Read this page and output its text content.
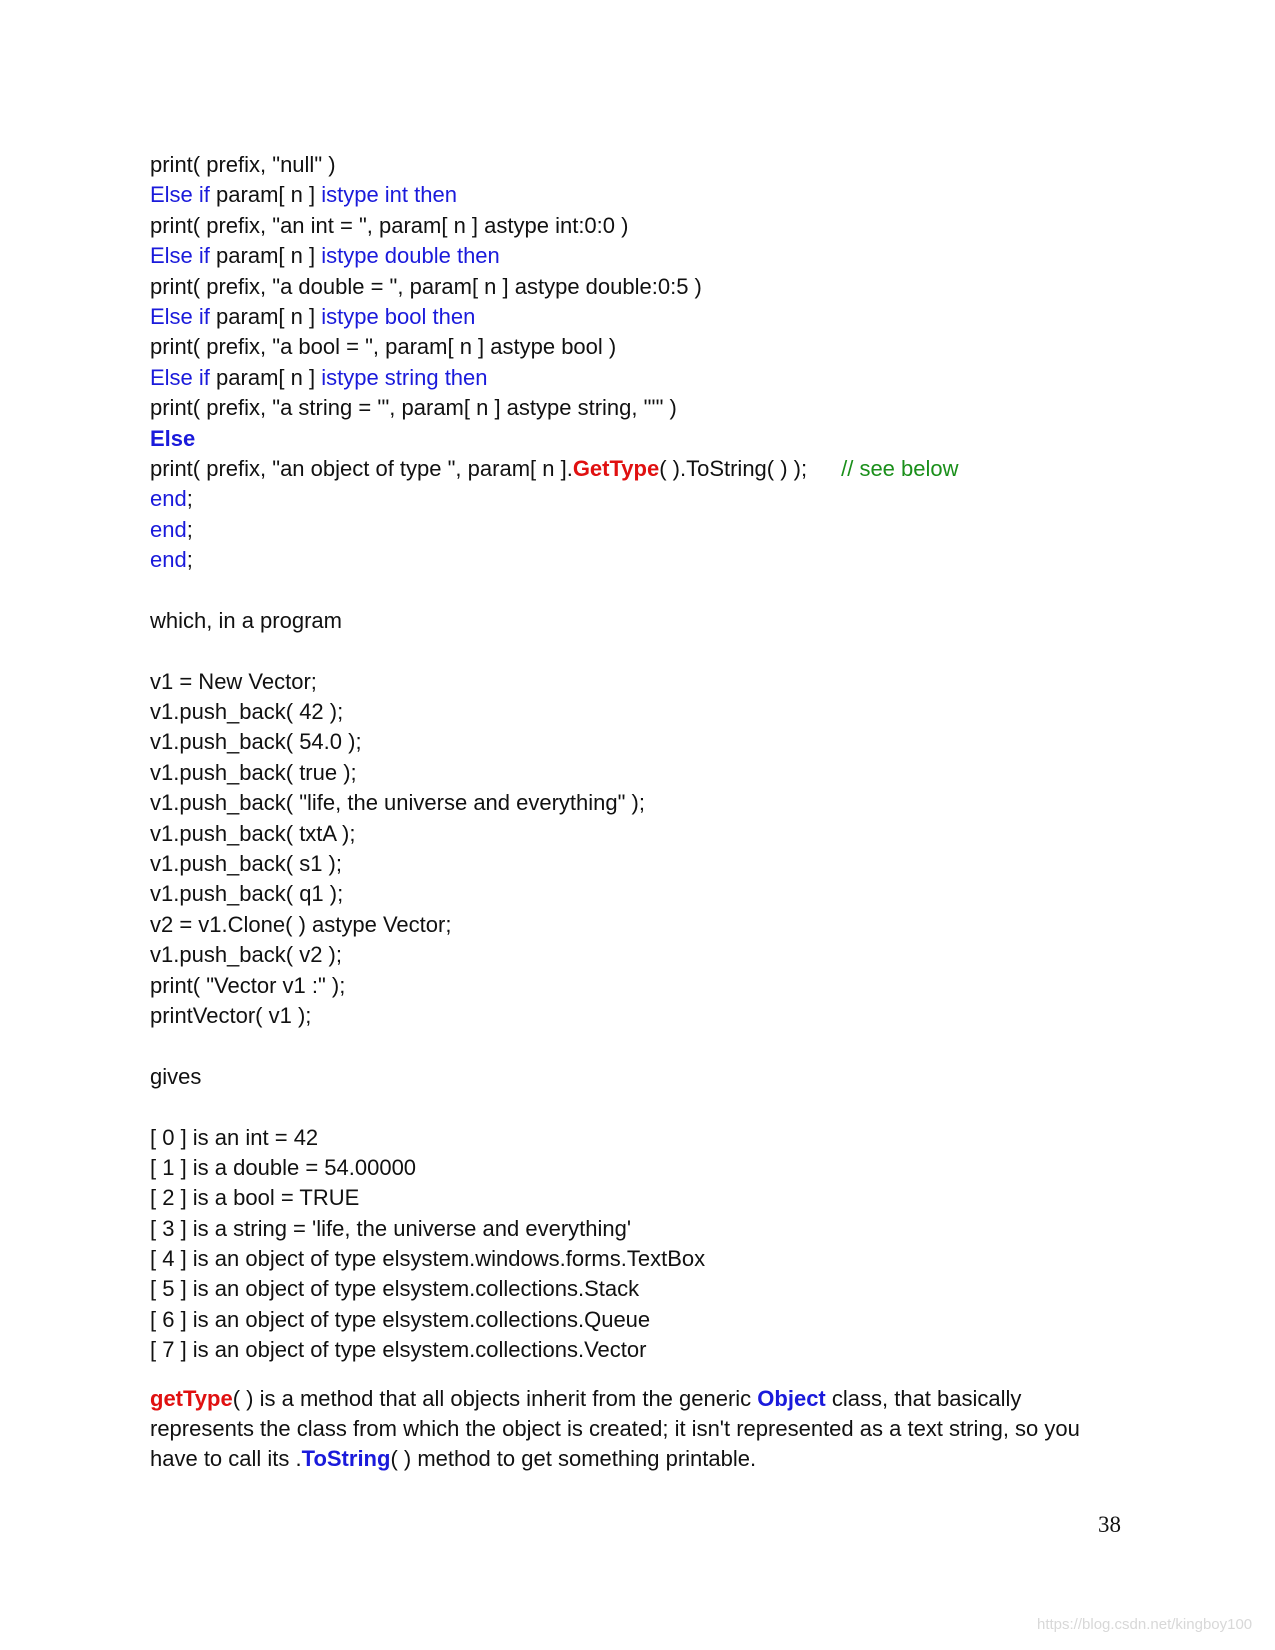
print( prefix, "null" )
Else if param[ n ] istype int then
print( prefix, "an int = ", param[ n ] astype int:0:0 )
Else if param[ n ] istype double then
print( prefix, "a double = ", param[ n ] astype double:0:5 )
Else if param[ n ] istype bool then
print( prefix, "a bool = ", param[ n ] astype bool )
Else if param[ n ] istype string then
print( prefix, "a string = '", param[ n ] astype string, "'" )
Else
print( prefix, "an object of type ", param[ n ].GetType( ).ToString( ) ); // see below
end;
end;
end;
which, in a program
v1 = New Vector;
v1.push_back( 42 );
v1.push_back( 54.0 );
v1.push_back( true );
v1.push_back( "life, the universe and everything" );
v1.push_back( txtA );
v1.push_back( s1 );
v1.push_back( q1 );
v2 = v1.Clone( ) astype Vector;
v1.push_back( v2 );
print( "Vector v1 :" );
printVector( v1 );
gives
[ 0 ] is an int = 42
[ 1 ] is a double = 54.00000
[ 2 ] is a bool = TRUE
[ 3 ] is a string = 'life, the universe and everything'
[ 4 ] is an object of type elsystem.windows.forms.TextBox
[ 5 ] is an object of type elsystem.collections.Stack
[ 6 ] is an object of type elsystem.collections.Queue
[ 7 ] is an object of type elsystem.collections.Vector
getType( ) is a method that all objects inherit from the generic Object class, that basically represents the class from which the object is created; it isn't represented as a text string, so you have to call its .ToString( ) method to get something printable.
38
https://blog.csdn.net/kingboy100
